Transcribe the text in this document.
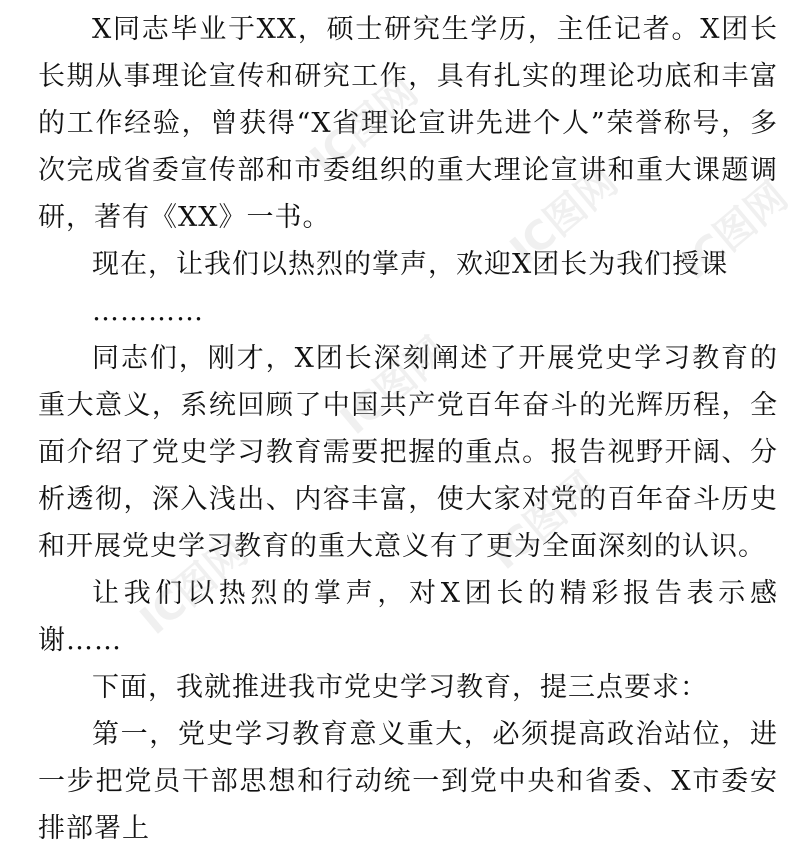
X同志毕业于XX，硕士研究生学历，主任记者。X团长长期从事理论宣传和研究工作，具有扎实的理论功底和丰富的工作经验，曾获得“X省理论宣讲先进个人”荣誉称号，多次完成省委宣传部和市委组织的重大理论宣讲和重大课题调研，著有《XX》一书。

现在，让我们以热烈的掌声，欢迎X团长为我们授课

…………

同志们，刚才，X团长深刻阐述了开展党史学习教育的重大意义，系统回顾了中国共产党百年奋斗的光辉历程，全面介绍了党史学习教育需要把握的重点。报告视野开阔、分析透彻，深入浅出、内容丰富，使大家对党的百年奋斗历史和开展党史学习教育的重大意义有了更为全面深刻的认识。

让我们以热烈的掌声，对X团长的精彩报告表示感谢……

下面，我就推进我市党史学习教育，提三点要求：

第一，党史学习教育意义重大，必须提高政治站位，进一步把党员干部思想和行动统一到党中央和省委、X市委安排部署上

IC图网
IC图网 IC图网
IC图网
IC图网
IC图网
